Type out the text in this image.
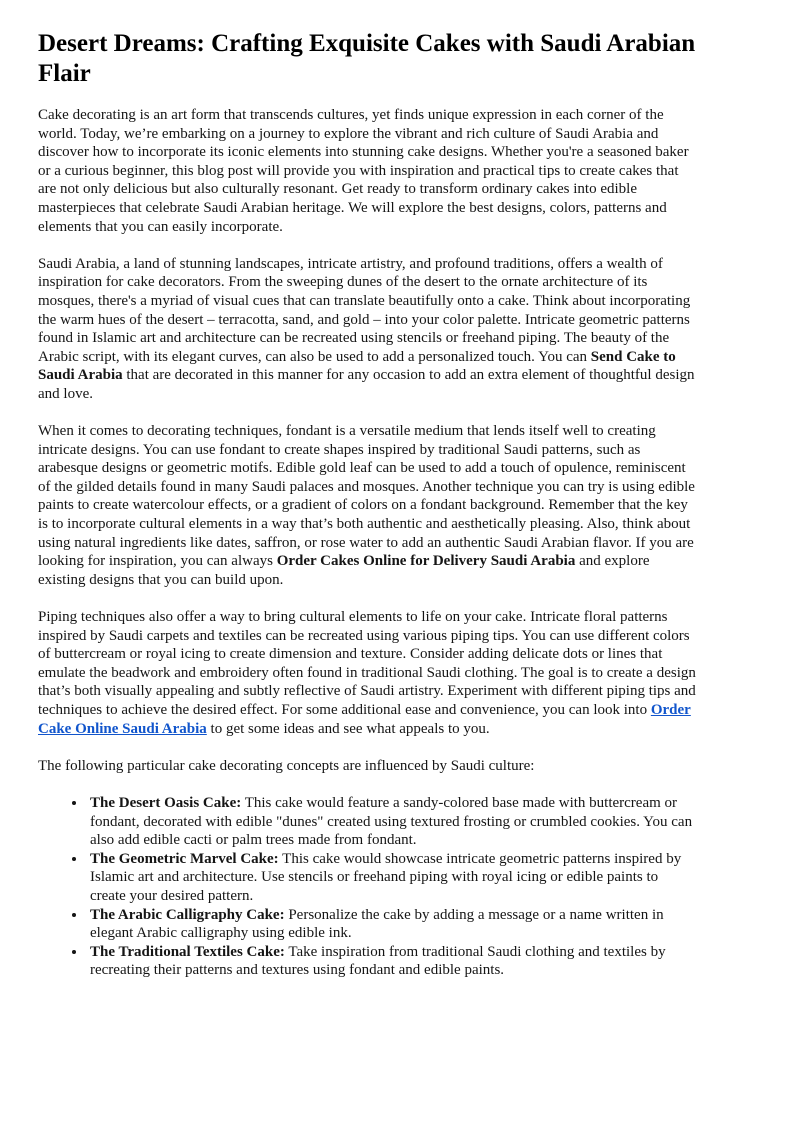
Desert Dreams: Crafting Exquisite Cakes with Saudi Arabian Flair

Cake decorating is an art form that transcends cultures, yet finds unique expression in each corner of the world. Today, we’re embarking on a journey to explore the vibrant and rich culture of Saudi Arabia and discover how to incorporate its iconic elements into stunning cake designs. Whether you're a seasoned baker or a curious beginner, this blog post will provide you with inspiration and practical tips to create cakes that are not only delicious but also culturally resonant. Get ready to transform ordinary cakes into edible masterpieces that celebrate Saudi Arabian heritage. We will explore the best designs, colors, patterns and elements that you can easily incorporate.

Saudi Arabia, a land of stunning landscapes, intricate artistry, and profound traditions, offers a wealth of inspiration for cake decorators. From the sweeping dunes of the desert to the ornate architecture of its mosques, there's a myriad of visual cues that can translate beautifully onto a cake. Think about incorporating the warm hues of the desert – terracotta, sand, and gold – into your color palette. Intricate geometric patterns found in Islamic art and architecture can be recreated using stencils or freehand piping. The beauty of the Arabic script, with its elegant curves, can also be used to add a personalized touch. You can Send Cake to Saudi Arabia that are decorated in this manner for any occasion to add an extra element of thoughtful design and love.

When it comes to decorating techniques, fondant is a versatile medium that lends itself well to creating intricate designs. You can use fondant to create shapes inspired by traditional Saudi patterns, such as arabesque designs or geometric motifs. Edible gold leaf can be used to add a touch of opulence, reminiscent of the gilded details found in many Saudi palaces and mosques. Another technique you can try is using edible paints to create watercolour effects, or a gradient of colors on a fondant background. Remember that the key is to incorporate cultural elements in a way that’s both authentic and aesthetically pleasing. Also, think about using natural ingredients like dates, saffron, or rose water to add an authentic Saudi Arabian flavor. If you are looking for inspiration, you can always Order Cakes Online for Delivery Saudi Arabia and explore existing designs that you can build upon.

Piping techniques also offer a way to bring cultural elements to life on your cake. Intricate floral patterns inspired by Saudi carpets and textiles can be recreated using various piping tips. You can use different colors of buttercream or royal icing to create dimension and texture. Consider adding delicate dots or lines that emulate the beadwork and embroidery often found in traditional Saudi clothing. The goal is to create a design that’s both visually appealing and subtly reflective of Saudi artistry. Experiment with different piping tips and techniques to achieve the desired effect. For some additional ease and convenience, you can look into Order Cake Online Saudi Arabia to get some ideas and see what appeals to you.

The following particular cake decorating concepts are influenced by Saudi culture:

• The Desert Oasis Cake: This cake would feature a sandy-colored base made with buttercream or fondant, decorated with edible "dunes" created using textured frosting or crumbled cookies. You can also add edible cacti or palm trees made from fondant.
• The Geometric Marvel Cake: This cake would showcase intricate geometric patterns inspired by Islamic art and architecture. Use stencils or freehand piping with royal icing or edible paints to create your desired pattern.
• The Arabic Calligraphy Cake: Personalize the cake by adding a message or a name written in elegant Arabic calligraphy using edible ink.
• The Traditional Textiles Cake: Take inspiration from traditional Saudi clothing and textiles by recreating their patterns and textures using fondant and edible paints.
